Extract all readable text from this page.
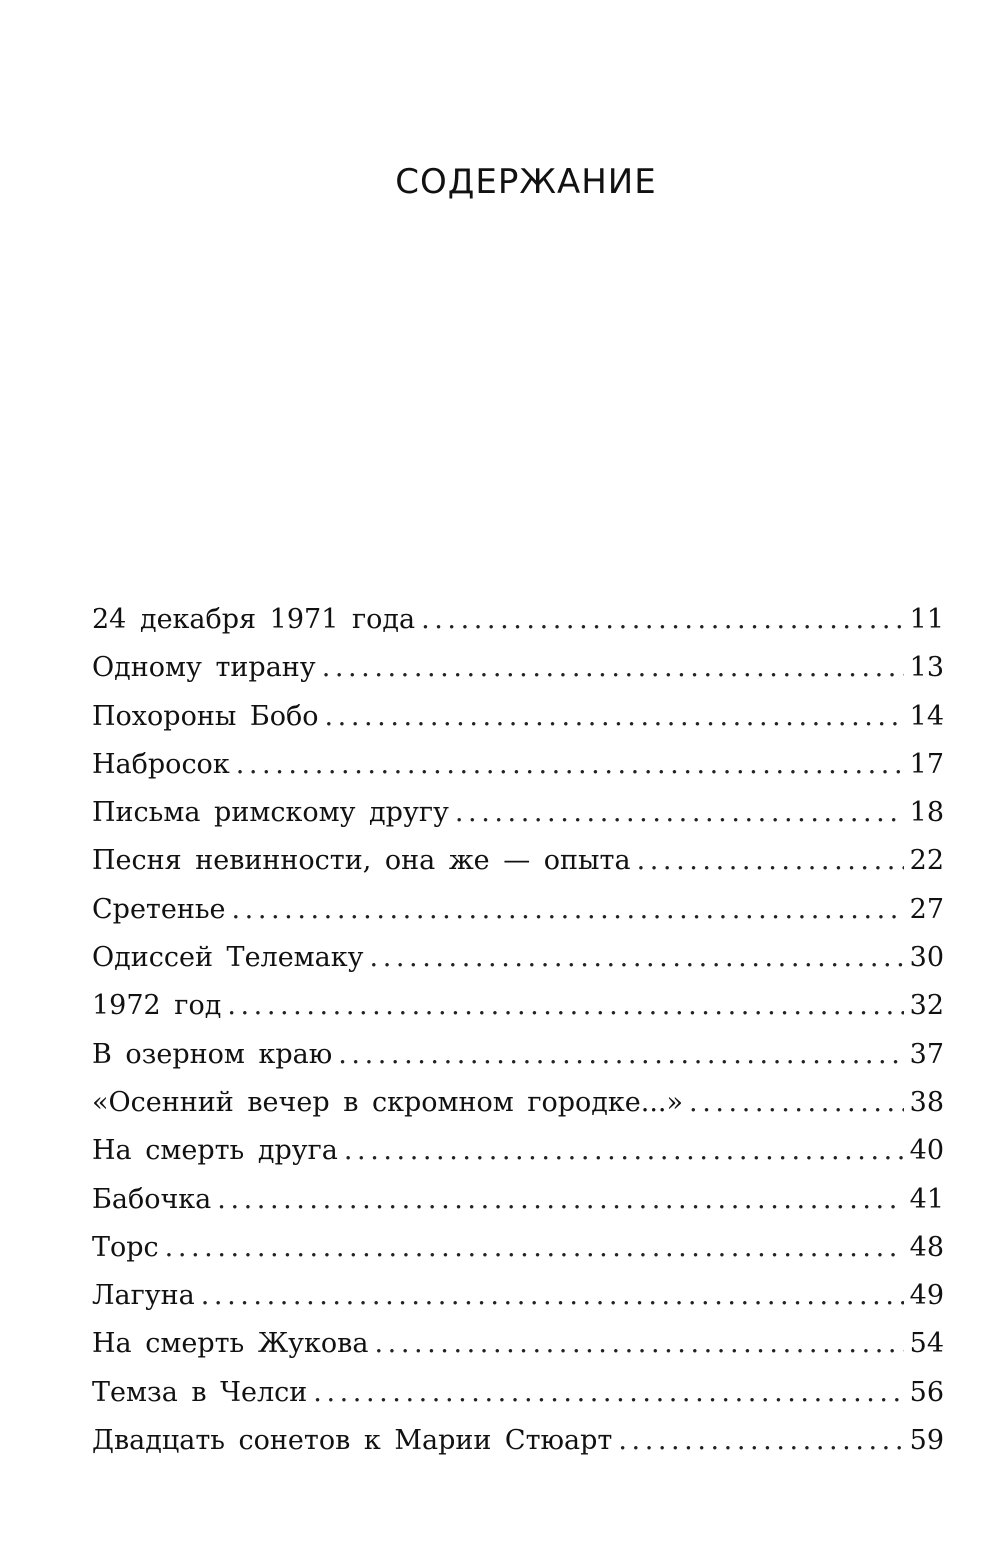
СОДЕРЖАНИЕ
24 декабря 1971 года . . .	11
Одному тирану . . .	13
Похороны Бобо . . .	14
Набросок . . .	17
Письма римскому другу . . .	18
Песня невинности, она же — опыта . . .	22
Сретенье . . .	27
Одиссей Телемаку . . .	30
1972 год . . .	32
В озерном краю . . .	37
«Осенний вечер в скромном городке...» . . .	38
На смерть друга . . .	40
Бабочка . . .	41
Торс . . .	48
Лагуна . . .	49
На смерть Жукова . . .	54
Темза в Челси . . .	56
Двадцать сонетов к Марии Стюарт . . .	59
